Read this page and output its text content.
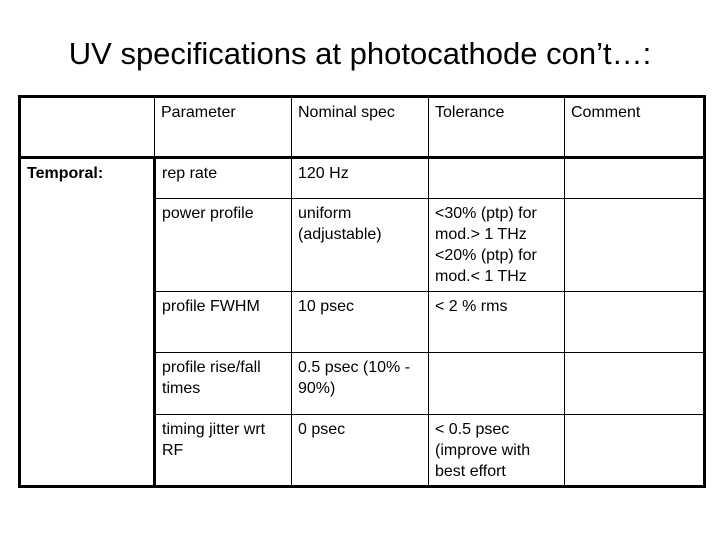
UV specifications at photocathode con’t…:
	Parameter	Nominal spec	Tolerance	Comment
Temporal:	rep rate	120 Hz		
	power profile	uniform (adjustable)	<30% (ptp) for mod.> 1 THz <20% (ptp) for mod.< 1 THz	
	profile FWHM	10 psec	< 2 % rms	
	profile rise/fall times	0.5 psec (10% - 90%)		
	timing jitter wrt RF	0 psec	< 0.5 psec (improve with best effort	
